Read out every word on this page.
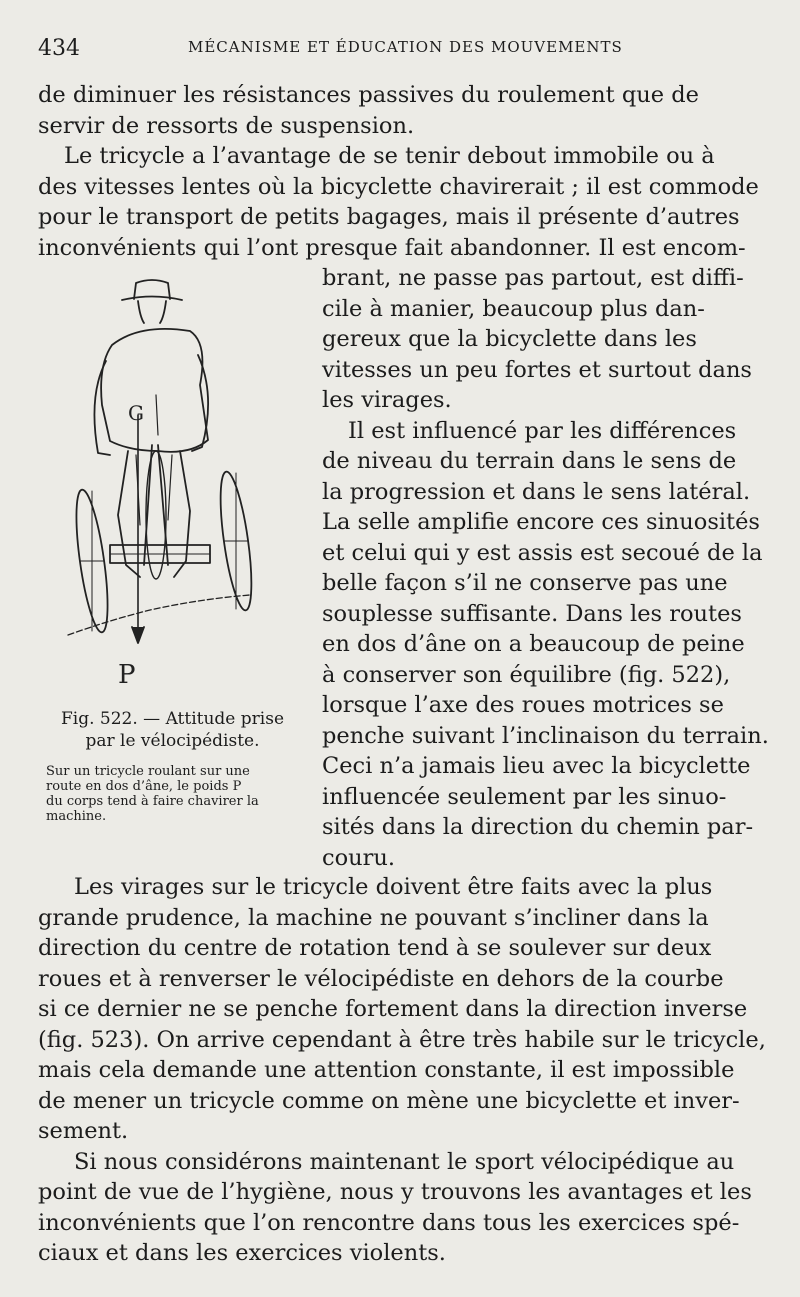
434	MÉCANISME ET ÉDUCATION DES MOUVEMENTS
de diminuer les résistances passives du roulement que de
servir de ressorts de suspension.
Le tricycle a l’avantage de se tenir debout immobile ou à
des vitesses lentes où la bicyclette chavirerait ; il est commode
pour le transport de petits bagages, mais il présente d’autres
inconvénients qui l’ont presque fait abandonner. Il est encom-
brant, ne passe pas partout, est diffi-
cile à manier, beaucoup plus dan-
gereux que la bicyclette dans les
vitesses un peu fortes et surtout dans
les virages.
Il est influencé par les différences
de niveau du terrain dans le sens de
la progression et dans le sens latéral.
La selle amplifie encore ces sinuosités
et celui qui y est assis est secoué de la
belle façon s’il ne conserve pas une
souplesse suffisante. Dans les routes
en dos d’âne on a beaucoup de peine
à conserver son équilibre (fig. 522),
lorsque l’axe des roues motrices se
penche suivant l’inclinaison du terrain.
Ceci n’a jamais lieu avec la bicyclette
influencée seulement par les sinuo-
sités dans la direction du chemin par-
couru.
G
P
Fig. 522. — Attitude prise
par le vélocipédiste.
Sur un tricycle roulant sur une
route en dos d’âne, le poids P
du corps tend à faire chavirer la
machine.
Les virages sur le tricycle doivent être faits avec la plus
grande prudence, la machine ne pouvant s’incliner dans la
direction du centre de rotation tend à se soulever sur deux
roues et à renverser le vélocipédiste en dehors de la courbe
si ce dernier ne se penche fortement dans la direction inverse
(fig. 523). On arrive cependant à être très habile sur le tricycle,
mais cela demande une attention constante, il est impossible
de mener un tricycle comme on mène une bicyclette et inver-
sement.
Si nous considérons maintenant le sport vélocipédique au
point de vue de l’hygiène, nous y trouvons les avantages et les
inconvénients que l’on rencontre dans tous les exercices spé-
ciaux et dans les exercices violents.
